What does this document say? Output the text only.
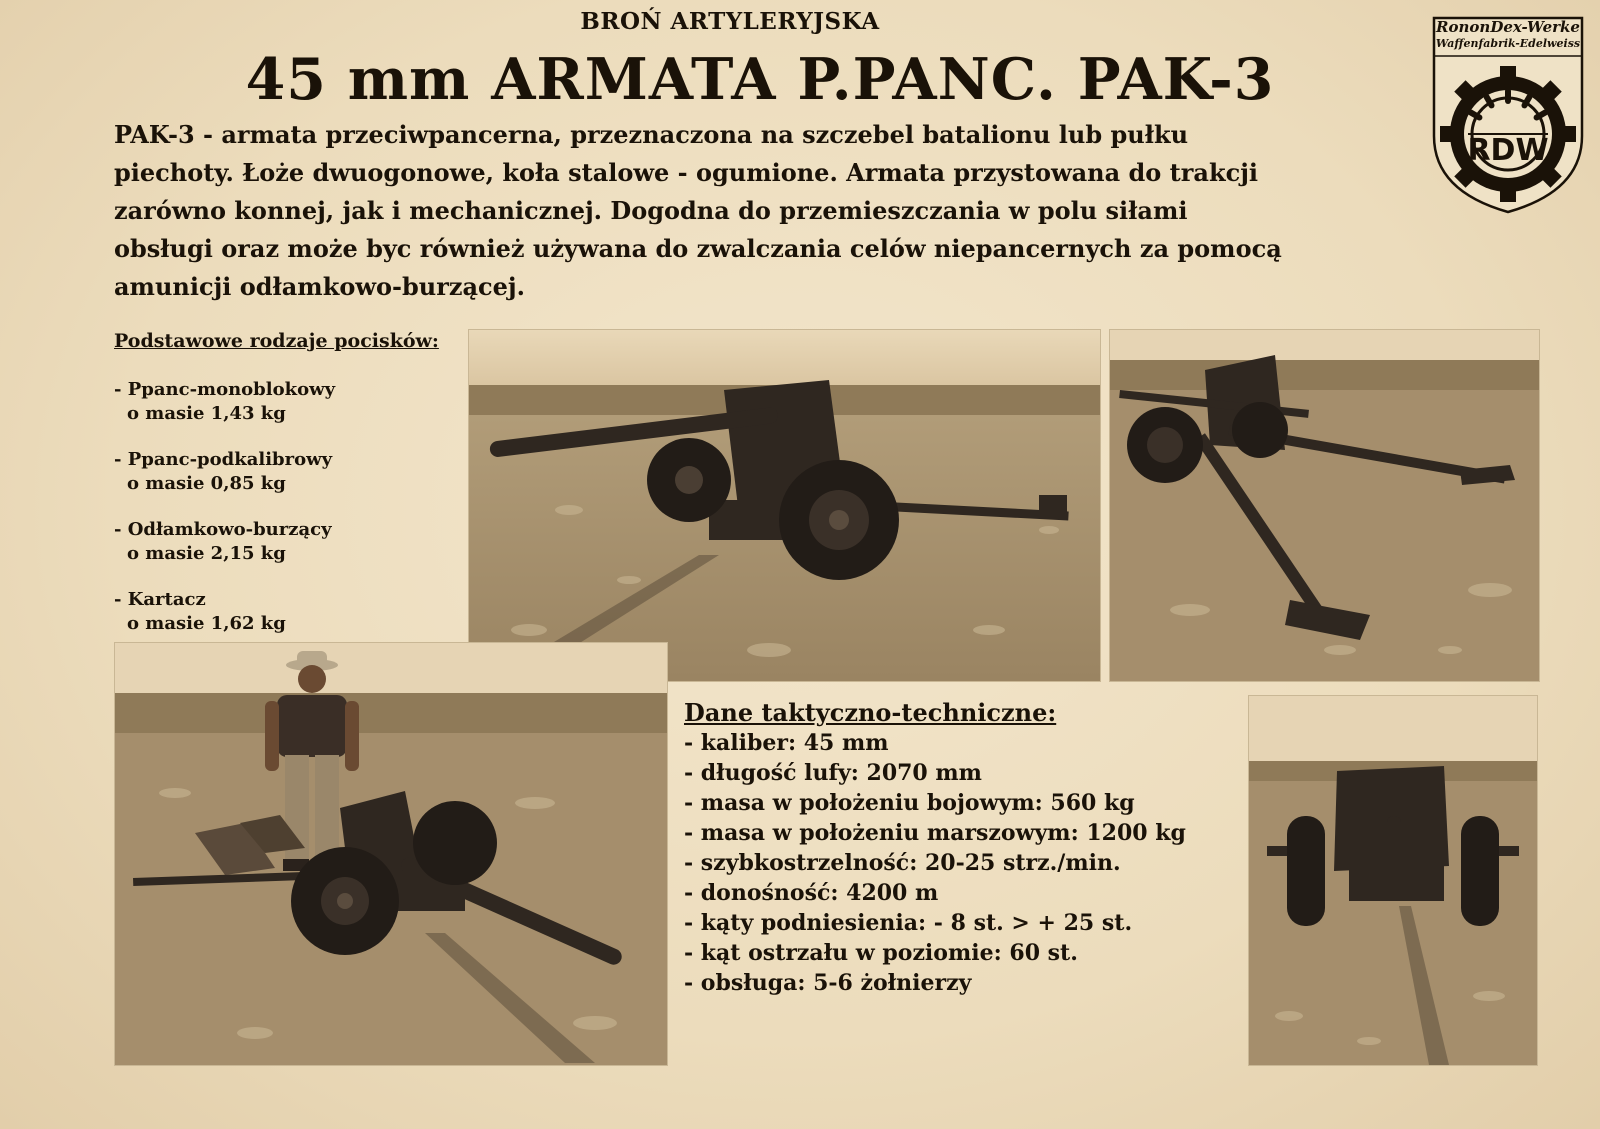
BROŃ ARTYLERYJSKA
45 mm ARMATA P.PANC. PAK-3
PAK-3 - armata przeciwpancerna, przeznaczona na szczebel batalionu lub pułku
piechoty. Łoże dwuogonowe, koła stalowe - ogumione. Armata przystowana do trakcji
zarówno konnej, jak i mechanicznej. Dogodna do przemieszczania w polu siłami
obsługi oraz może byc również używana do zwalczania celów niepancernych za pomocą
amunicji odłamkowo-burzącej.
RononDex-Werke
Waffenfabrik-Edelweiss
RDW
Podstawowe rodzaje pocisków:
- Ppanc-monoblokowy
o masie 1,43 kg
- Ppanc-podkalibrowy
o masie 0,85 kg
- Odłamkowo-burzący
o masie 2,15 kg
- Kartacz
o masie 1,62 kg
Dane taktyczno-techniczne:
- kaliber: 45 mm
- długość lufy: 2070 mm
- masa w położeniu bojowym: 560 kg
- masa w położeniu marszowym: 1200 kg
- szybkostrzelność: 20-25 strz./min.
- donośność: 4200 m
- kąty podniesienia: - 8 st. > + 25 st.
- kąt ostrzału w poziomie: 60 st.
- obsługa: 5-6 żołnierzy
